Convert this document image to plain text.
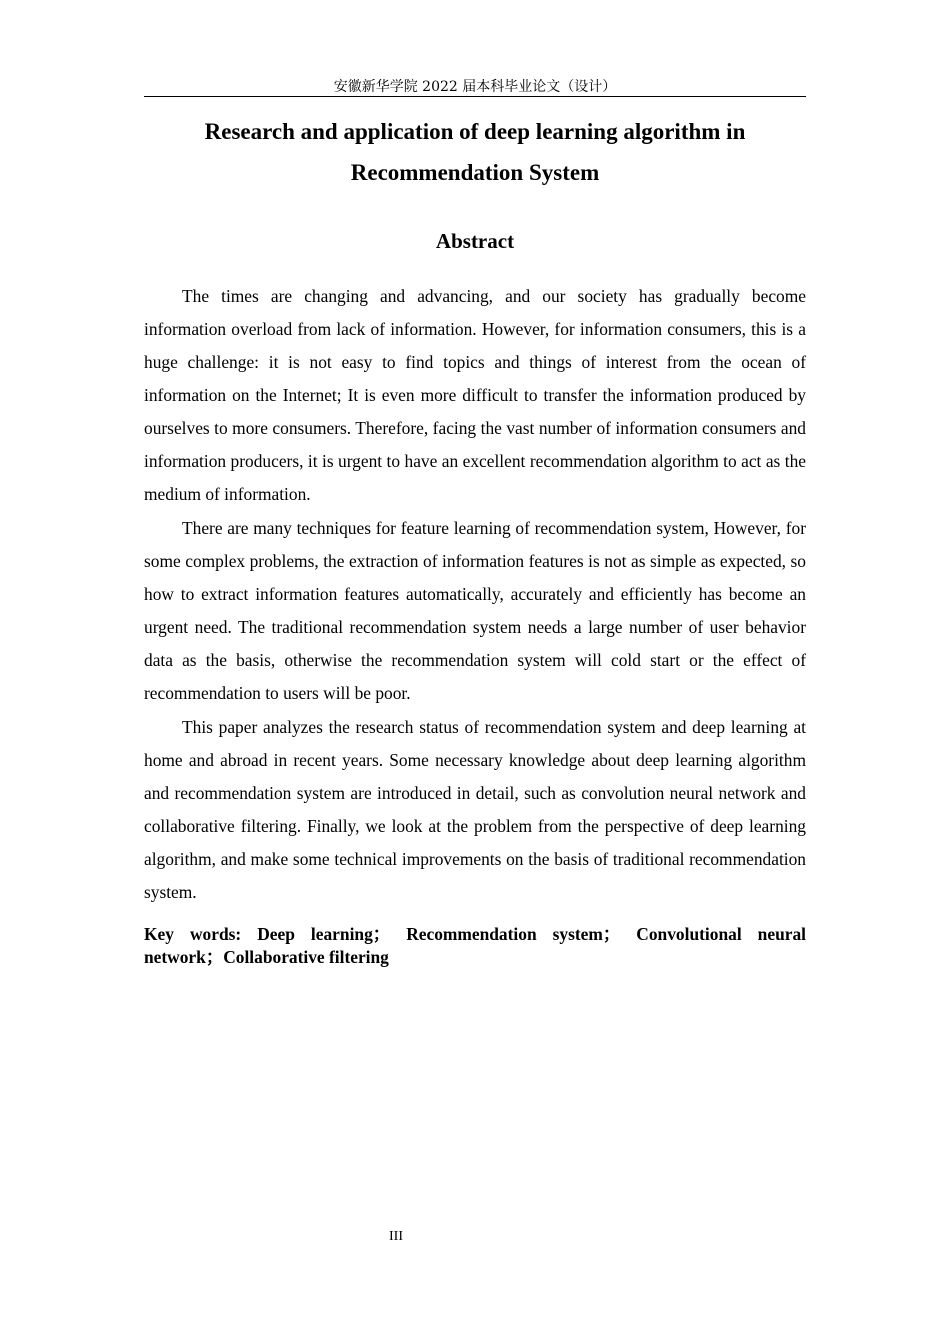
安徽新华学院 2022 届本科毕业论文（设计）
Research and application of deep learning algorithm in Recommendation System
Abstract

The times are changing and advancing, and our society has gradually become information overload from lack of information. However, for information consumers, this is a huge challenge: it is not easy to find topics and things of interest from the ocean of information on the Internet; It is even more difficult to transfer the information produced by ourselves to more consumers. Therefore, facing the vast number of information consumers and information producers, it is urgent to have an excellent recommendation algorithm to act as the medium of information.

There are many techniques for feature learning of recommendation system, However, for some complex problems, the extraction of information features is not as simple as expected, so how to extract information features automatically, accurately and efficiently has become an urgent need. The traditional recommendation system needs a large number of user behavior data as the basis, otherwise the recommendation system will cold start or the effect of recommendation to users will be poor.

This paper analyzes the research status of recommendation system and deep learning at home and abroad in recent years. Some necessary knowledge about deep learning algorithm and recommendation system are introduced in detail, such as convolution neural network and collaborative filtering. Finally, we look at the problem from the perspective of deep learning algorithm, and make some technical improvements on the basis of traditional recommendation system.

Key words: Deep learning； Recommendation system； Convolutional neural network；Collaborative filtering

III
